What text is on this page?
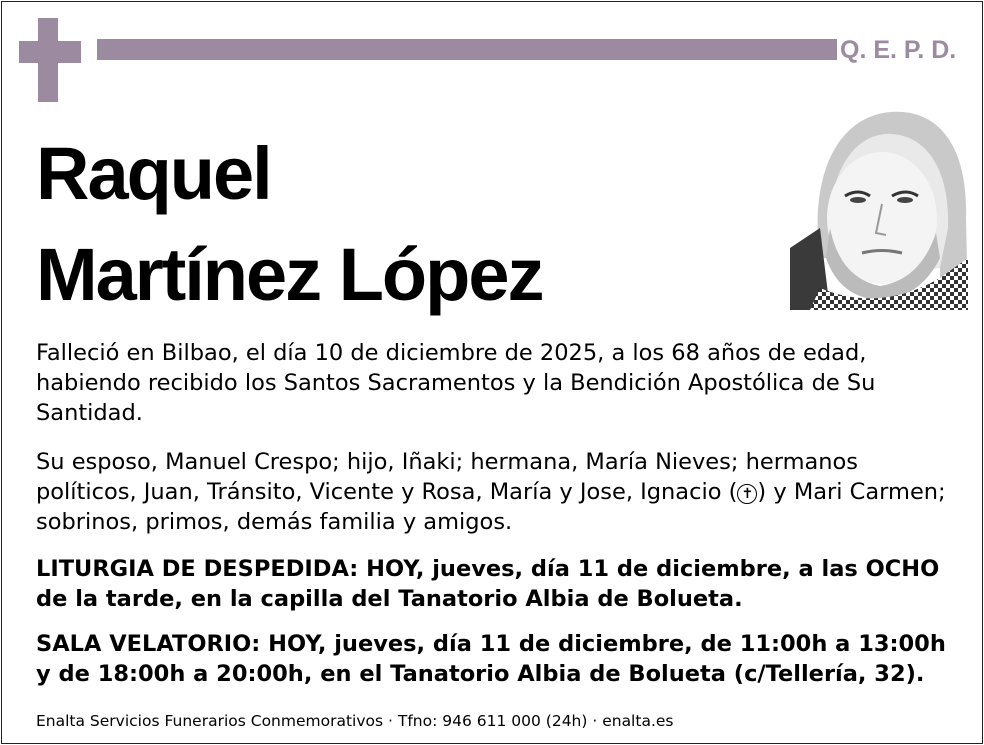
Q. E. P. D.
Raquel
Martínez López
Falleció en Bilbao, el día 10 de diciembre de 2025, a los 68 años de edad, habiendo recibido los Santos Sacramentos y la Bendición Apostólica de Su Santidad.
Su esposo, Manuel Crespo; hijo, Iñaki; hermana, María Nieves; hermanos políticos, Juan, Tránsito, Vicente y Rosa, María y Jose, Ignacio ( ✝ ) y Mari Carmen; sobrinos, primos, demás familia y amigos.
LITURGIA DE DESPEDIDA: HOY, jueves, día 11 de diciembre, a las OCHO de la tarde, en la capilla del Tanatorio Albia de Bolueta.
SALA VELATORIO: HOY, jueves, día 11 de diciembre, de 11:00h a 13:00h y de 18:00h a 20:00h, en el Tanatorio Albia de Bolueta (c/Tellería, 32).
Enalta Servicios Funerarios Conmemorativos · Tfno: 946 611 000 (24h) · enalta.es
